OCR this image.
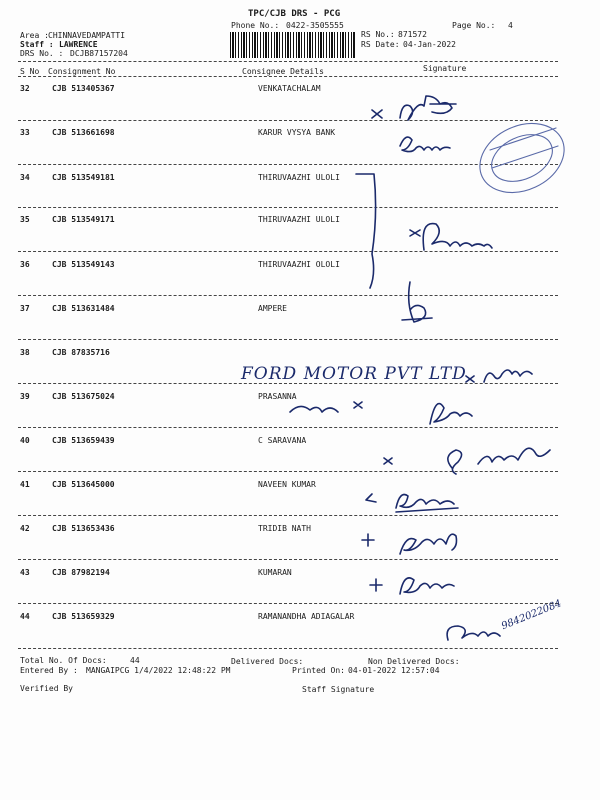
TPC/CJB DRS - PCG
Phone No.: 0422-3505555	Page No.: 4
Area : CHINNAVEDAMPATTI
Staff : LAWRENCE
DRS No. : DCJB87157204
RS No.: 871572
RS Date: 04-Jan-2022
S No Consignment No	Consignee Details	Signature
32	CJB 513405367	VENKATACHALAM
33	CJB 513661698	KARUR VYSYA BANK
34	CJB 513549181	THIRUVAAZHI ULOLI
35	CJB 513549171	THIRUVAAZHI ULOLI
36	CJB 513549143	THIRUVAAZHI OLOLI
37	CJB 513631484	AMPERE
38	CJB 87835716
39	CJB 513675024	PRASANNA
40	CJB 513659439	C SARAVANA
41	CJB 513645000	NAVEEN KUMAR
42	CJB 513653436	TRIDIB NATH
43	CJB 87982194	KUMARAN
44	CJB 513659329	RAMANANDHA ADIAGALAR
Total No. Of Docs:	44	Delivered Docs:	Non Delivered Docs:
Entered By : MANGAIPCG 1/4/2022 12:48:22 PM	Printed On: 04-01-2022 12:57:04
Verified By	Staff Signature
FORD MOTOR PVT LTD
9842022084
